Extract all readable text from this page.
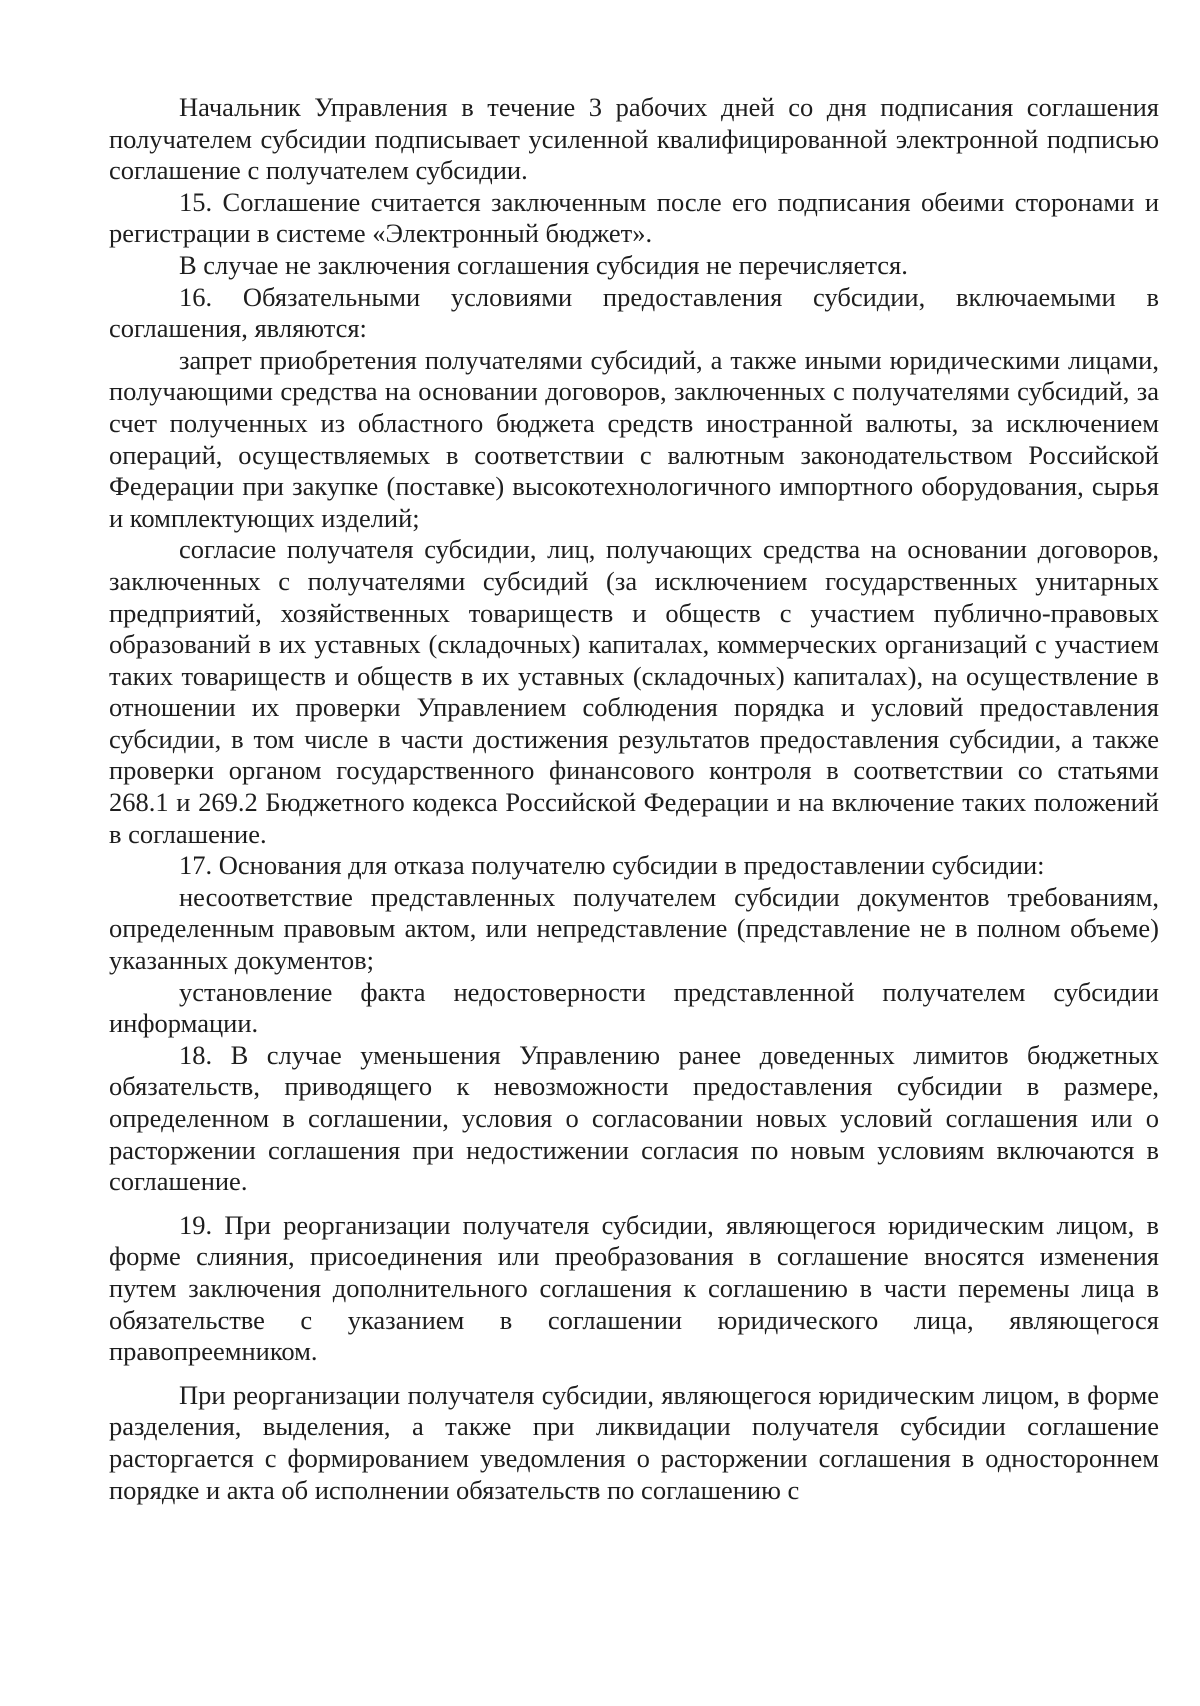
Начальник Управления в течение 3 рабочих дней со дня подписания соглашения получателем субсидии подписывает усиленной квалифицированной электронной подписью соглашение с получателем субсидии.

15. Соглашение считается заключенным после его подписания обеими сторонами и регистрации в системе «Электронный бюджет».

В случае не заключения соглашения субсидия не перечисляется.

16. Обязательными условиями предоставления субсидии, включаемыми в соглашения, являются:

запрет приобретения получателями субсидий, а также иными юридическими лицами, получающими средства на основании договоров, заключенных с получателями субсидий, за счет полученных из областного бюджета средств иностранной валюты, за исключением операций, осуществляемых в соответствии с валютным законодательством Российской Федерации при закупке (поставке) высокотехнологичного импортного оборудования, сырья и комплектующих изделий;

согласие получателя субсидии, лиц, получающих средства на основании договоров, заключенных с получателями субсидий (за исключением государственных унитарных предприятий, хозяйственных товариществ и обществ с участием публично-правовых образований в их уставных (складочных) капиталах, коммерческих организаций с участием таких товариществ и обществ в их уставных (складочных) капиталах), на осуществление в отношении их проверки Управлением соблюдения порядка и условий предоставления субсидии, в том числе в части достижения результатов предоставления субсидии, а также проверки органом государственного финансового контроля в соответствии со статьями 268.1 и 269.2 Бюджетного кодекса Российской Федерации и на включение таких положений в соглашение.

17. Основания для отказа получателю субсидии в предоставлении субсидии:

несоответствие представленных получателем субсидии документов требованиям, определенным правовым актом, или непредставление (представление не в полном объеме) указанных документов;

установление факта недостоверности представленной получателем субсидии информации.

18. В случае уменьшения Управлению ранее доведенных лимитов бюджетных обязательств, приводящего к невозможности предоставления субсидии в размере, определенном в соглашении, условия о согласовании новых условий соглашения или о расторжении соглашения при недостижении согласия по новым условиям включаются в соглашение.

19. При реорганизации получателя субсидии, являющегося юридическим лицом, в форме слияния, присоединения или преобразования в соглашение вносятся изменения путем заключения дополнительного соглашения к соглашению в части перемены лица в обязательстве с указанием в соглашении юридического лица, являющегося правопреемником.

При реорганизации получателя субсидии, являющегося юридическим лицом, в форме разделения, выделения, а также при ликвидации получателя субсидии соглашение расторгается с формированием уведомления о расторжении соглашения в одностороннем порядке и акта об исполнении обязательств по соглашению с
